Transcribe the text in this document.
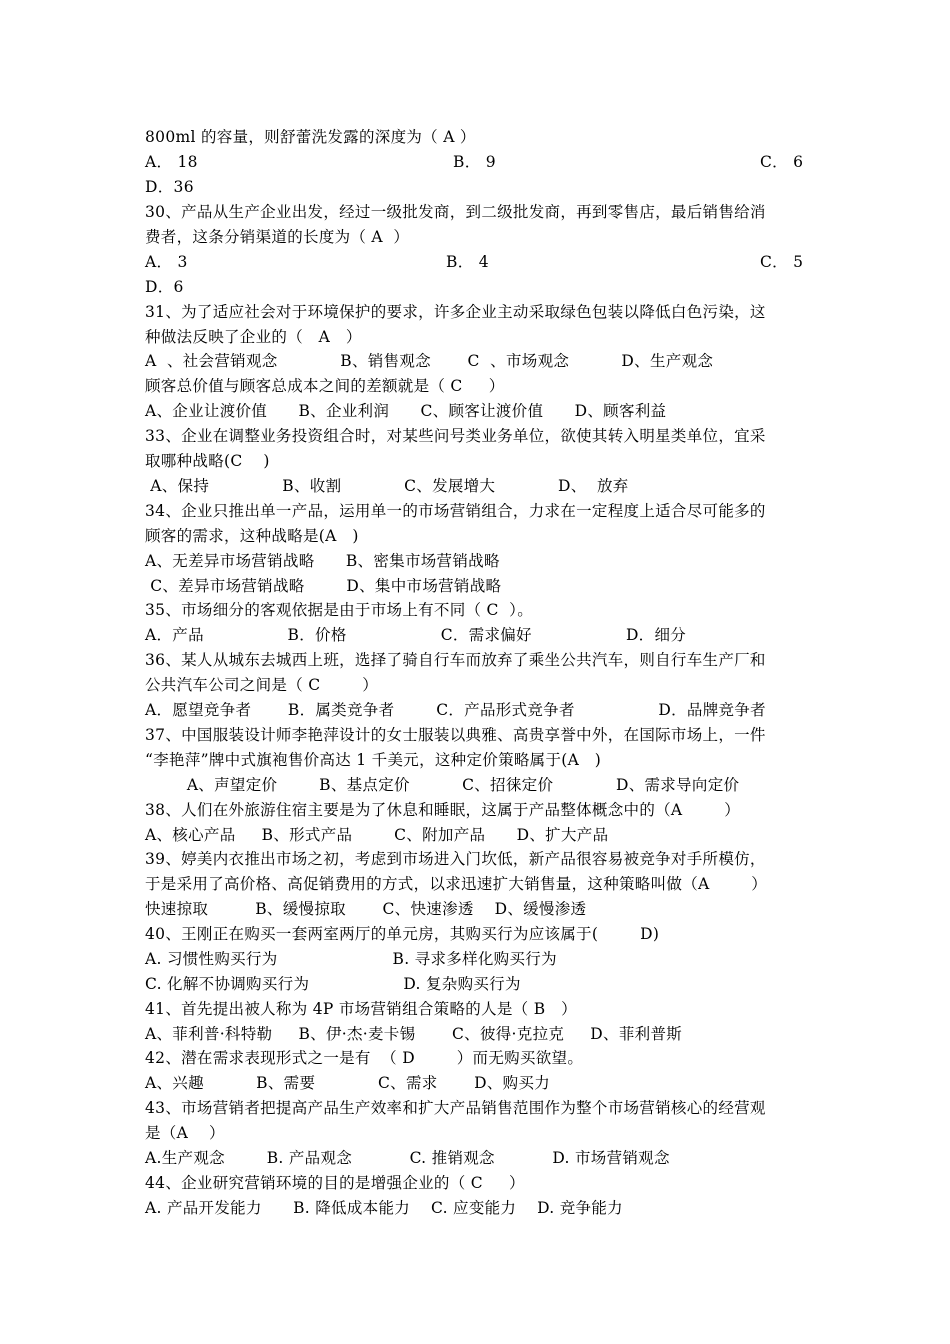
800ml 的容量，则舒蕾洗发露的深度为（ A ）
A． 18	B． 9	C． 6
D．36
30、产品从生产企业出发，经过一级批发商，到二级批发商，再到零售店，最后销售给消
费者，这条分销渠道的长度为（ A  ）
A． 3	B． 4	C． 5
D．6
31、为了适应社会对于环境保护的要求，许多企业主动采取绿色包装以降低白色污染，这
种做法反映了企业的（   A   ）
A  、社会营销观念            B、销售观念       C  、市场观念          D、生产观念
顾客总价值与顾客总成本之间的差额就是（ C     ）
A、企业让渡价值      B、企业利润      C、顾客让渡价值      D、顾客利益
33、企业在调整业务投资组合时，对某些问号类业务单位，欲使其转入明星类单位，宜采
取哪种战略(C    )
A、保持              B、收割            C、发展增大            D、  放弃
34、企业只推出单一产品，运用单一的市场营销组合，力求在一定程度上适合尽可能多的
顾客的需求，这种战略是(A   )
A、无差异市场营销战略      B、密集市场营销战略
C、差异市场营销战略        D、集中市场营销战略
35、市场细分的客观依据是由于市场上有不同（ C  ）。
A．产品                B．价格                  C．需求偏好                  D．细分
36、某人从城东去城西上班，选择了骑自行车而放弃了乘坐公共汽车，则自行车生产厂和
公共汽车公司之间是（ C        ）
A．愿望竞争者       B．属类竞争者        C．产品形式竞争者                D．品牌竞争者
37、中国服装设计师李艳萍设计的女士服装以典雅、高贵享誉中外，在国际市场上，一件
“李艳萍”牌中式旗袍售价高达 1 千美元，这种定价策略属于(A   )
A、声望定价        B、基点定价          C、招徕定价            D、需求导向定价
38、人们在外旅游住宿主要是为了休息和睡眠，这属于产品整体概念中的（A        ）
A、核心产品     B、形式产品        C、附加产品      D、扩大产品
39、婷美内衣推出市场之初，考虑到市场进入门坎低，新产品很容易被竞争对手所模仿，
于是采用了高价格、高促销费用的方式，以求迅速扩大销售量，这种策略叫做（A        ）
快速掠取         B、缓慢掠取       C、快速渗透    D、缓慢渗透
40、王刚正在购买一套两室两厅的单元房，其购买行为应该属于(        D)
A. 习惯性购买行为                      B. 寻求多样化购买行为
C. 化解不协调购买行为                  D. 复杂购买行为
41、首先提出被人称为 4P 市场营销组合策略的人是（ B   ）
A、菲利普·科特勒     B、伊·杰·麦卡锡       C、彼得·克拉克     D、菲利普斯
42、潜在需求表现形式之一是有  （ D        ）而无购买欲望。
A、兴趣          B、需要            C、需求       D、购买力
43、市场营销者把提高产品生产效率和扩大产品销售范围作为整个市场营销核心的经营观
是（A    ）
A.生产观念        B. 产品观念           C. 推销观念           D. 市场营销观念
44、企业研究营销环境的目的是增强企业的（ C     ）
A. 产品开发能力      B. 降低成本能力    C. 应变能力    D. 竞争能力
